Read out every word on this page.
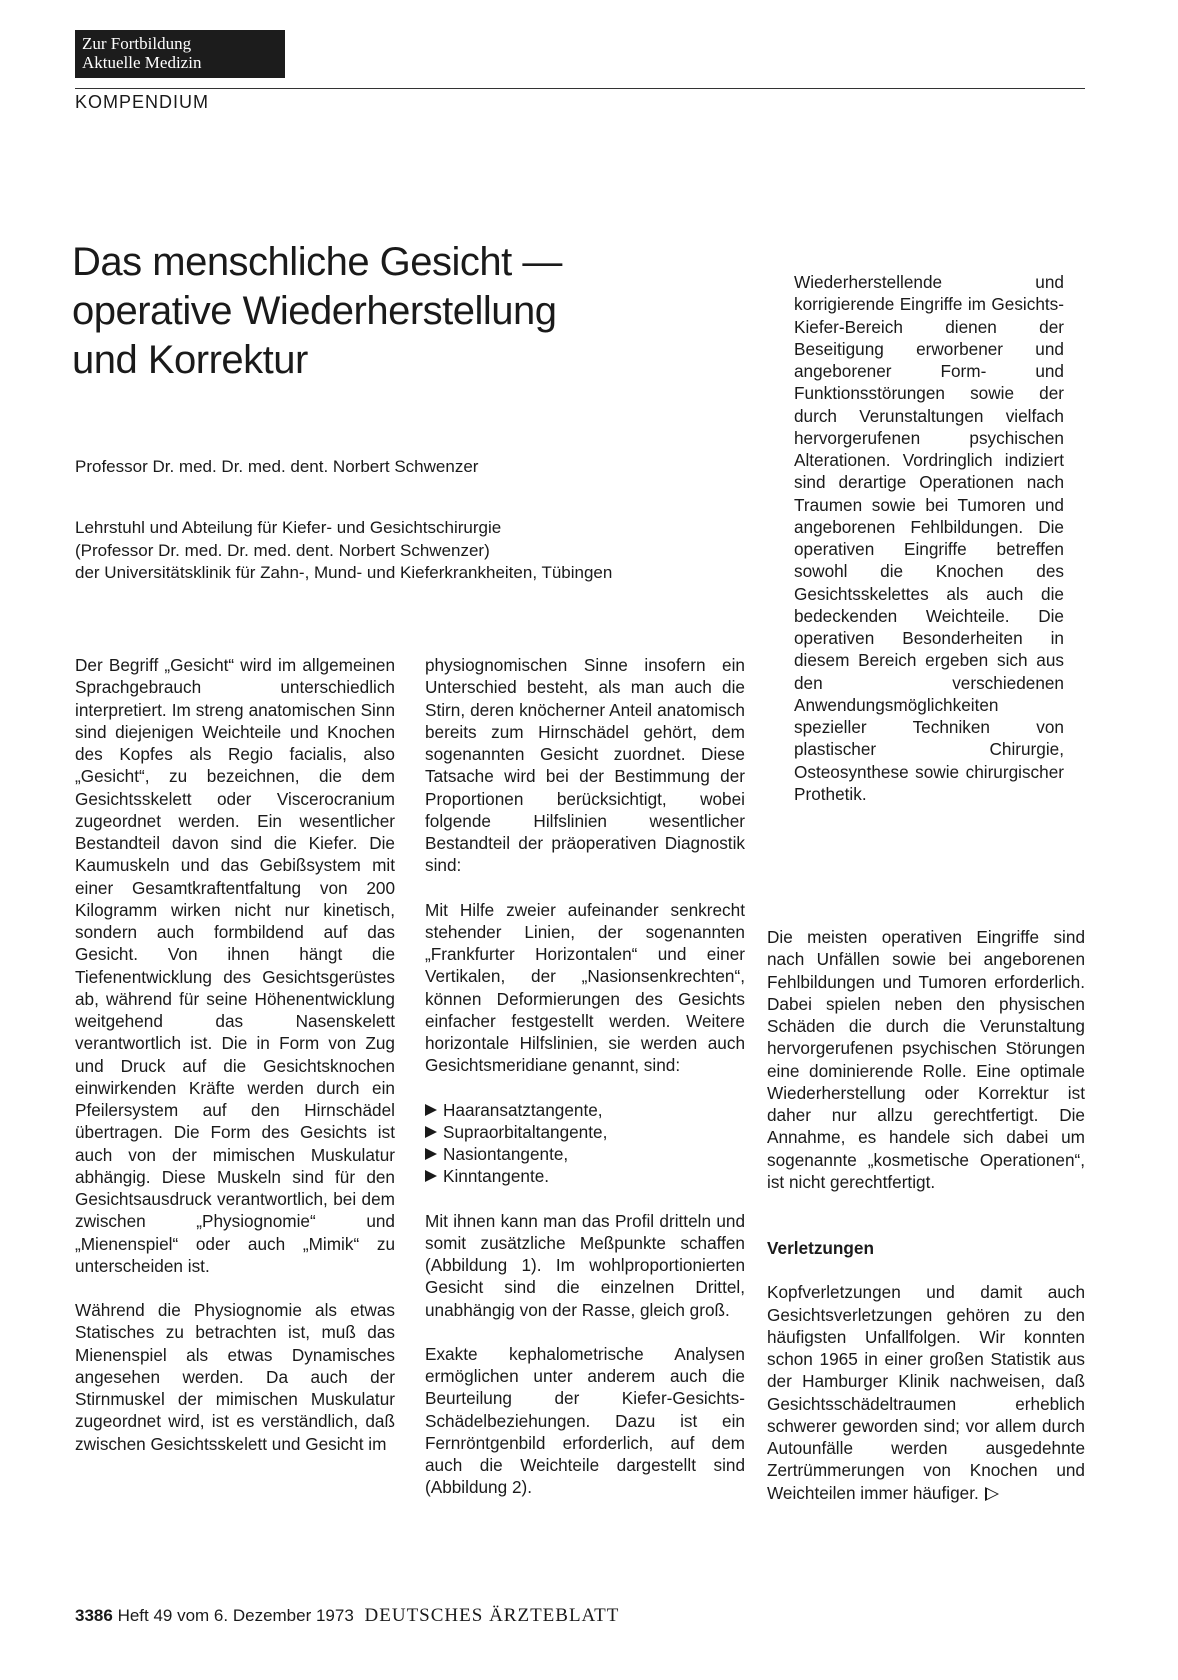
Zur Fortbildung
Aktuelle Medizin
KOMPENDIUM
Das menschliche Gesicht —
operative Wiederherstellung
und Korrektur
Professor Dr. med. Dr. med. dent. Norbert Schwenzer
Lehrstuhl und Abteilung für Kiefer- und Gesichtschirurgie
(Professor Dr. med. Dr. med. dent. Norbert Schwenzer)
der Universitätsklinik für Zahn-, Mund- und Kieferkrankheiten, Tübingen

Wiederherstellende und korrigierende Eingriffe im Gesichts-Kiefer-Bereich dienen der Beseitigung erworbener und angeborener Form- und Funktionsstörungen sowie der durch Verunstaltungen vielfach hervorgerufenen psychischen Alterationen. Vordringlich indiziert sind derartige Operationen nach Traumen sowie bei Tumoren und angeborenen Fehlbildungen. Die operativen Eingriffe betreffen sowohl die Knochen des Gesichtsskelettes als auch die bedeckenden Weichteile. Die operativen Besonderheiten in diesem Bereich ergeben sich aus den verschiedenen Anwendungsmöglichkeiten spezieller Techniken von plastischer Chirurgie, Osteosynthese sowie chirurgischer Prothetik.

Der Begriff „Gesicht“ wird im allgemeinen Sprachgebrauch unterschiedlich interpretiert. Im streng anatomischen Sinn sind diejenigen Weichteile und Knochen des Kopfes als Regio facialis, also „Gesicht“, zu bezeichnen, die dem Gesichtsskelett oder Viscerocranium zugeordnet werden. Ein wesentlicher Bestandteil davon sind die Kiefer. Die Kaumuskeln und das Gebißsystem mit einer Gesamtkraftentfaltung von 200 Kilogramm wirken nicht nur kinetisch, sondern auch formbildend auf das Gesicht. Von ihnen hängt die Tiefenentwicklung des Gesichtsgerüstes ab, während für seine Höhenentwicklung weitgehend das Nasenskelett verantwortlich ist. Die in Form von Zug und Druck auf die Gesichtsknochen einwirkenden Kräfte werden durch ein Pfeilersystem auf den Hirnschädel übertragen. Die Form des Gesichts ist auch von der mimischen Muskulatur abhängig. Diese Muskeln sind für den Gesichtsausdruck verantwortlich, bei dem zwischen „Physiognomie“ und „Mienenspiel“ oder auch „Mimik“ zu unterscheiden ist.

Während die Physiognomie als etwas Statisches zu betrachten ist, muß das Mienenspiel als etwas Dynamisches angesehen werden. Da auch der Stirnmuskel der mimischen Muskulatur zugeordnet wird, ist es verständlich, daß zwischen Gesichtsskelett und Gesicht im

physiognomischen Sinne insofern ein Unterschied besteht, als man auch die Stirn, deren knöcherner Anteil anatomisch bereits zum Hirnschädel gehört, dem sogenannten Gesicht zuordnet. Diese Tatsache wird bei der Bestimmung der Proportionen berücksichtigt, wobei folgende Hilfslinien wesentlicher Bestandteil der präoperativen Diagnostik sind:

Mit Hilfe zweier aufeinander senkrecht stehender Linien, der sogenannten „Frankfurter Horizontalen“ und einer Vertikalen, der „Nasionsenkrechten“, können Deformierungen des Gesichts einfacher festgestellt werden. Weitere horizontale Hilfslinien, sie werden auch Gesichtsmeridiane genannt, sind:

Haaransatztangente,
Supraorbitaltangente,
Nasiontangente,
Kinntangente.

Mit ihnen kann man das Profil dritteln und somit zusätzliche Meßpunkte schaffen (Abbildung 1). Im wohlproportionierten Gesicht sind die einzelnen Drittel, unabhängig von der Rasse, gleich groß.

Exakte kephalometrische Analysen ermöglichen unter anderem auch die Beurteilung der Kiefer-Gesichts-Schädelbeziehungen. Dazu ist ein Fernröntgenbild erforderlich, auf dem auch die Weichteile dargestellt sind (Abbildung 2).

Die meisten operativen Eingriffe sind nach Unfällen sowie bei angeborenen Fehlbildungen und Tumoren erforderlich. Dabei spielen neben den physischen Schäden die durch die Verunstaltung hervorgerufenen psychischen Störungen eine dominierende Rolle. Eine optimale Wiederherstellung oder Korrektur ist daher nur allzu gerechtfertigt. Die Annahme, es handele sich dabei um sogenannte „kosmetische Operationen“, ist nicht gerechtfertigt.

Verletzungen

Kopfverletzungen und damit auch Gesichtsverletzungen gehören zu den häufigsten Unfallfolgen. Wir konnten schon 1965 in einer großen Statistik aus der Hamburger Klinik nachweisen, daß Gesichtsschädeltraumen erheblich schwerer geworden sind; vor allem durch Autounfälle werden ausgedehnte Zertrümmerungen von Knochen und Weichteilen immer häufiger.

3386 Heft 49 vom 6. Dezember 1973 DEUTSCHES ÄRZTEBLATT
